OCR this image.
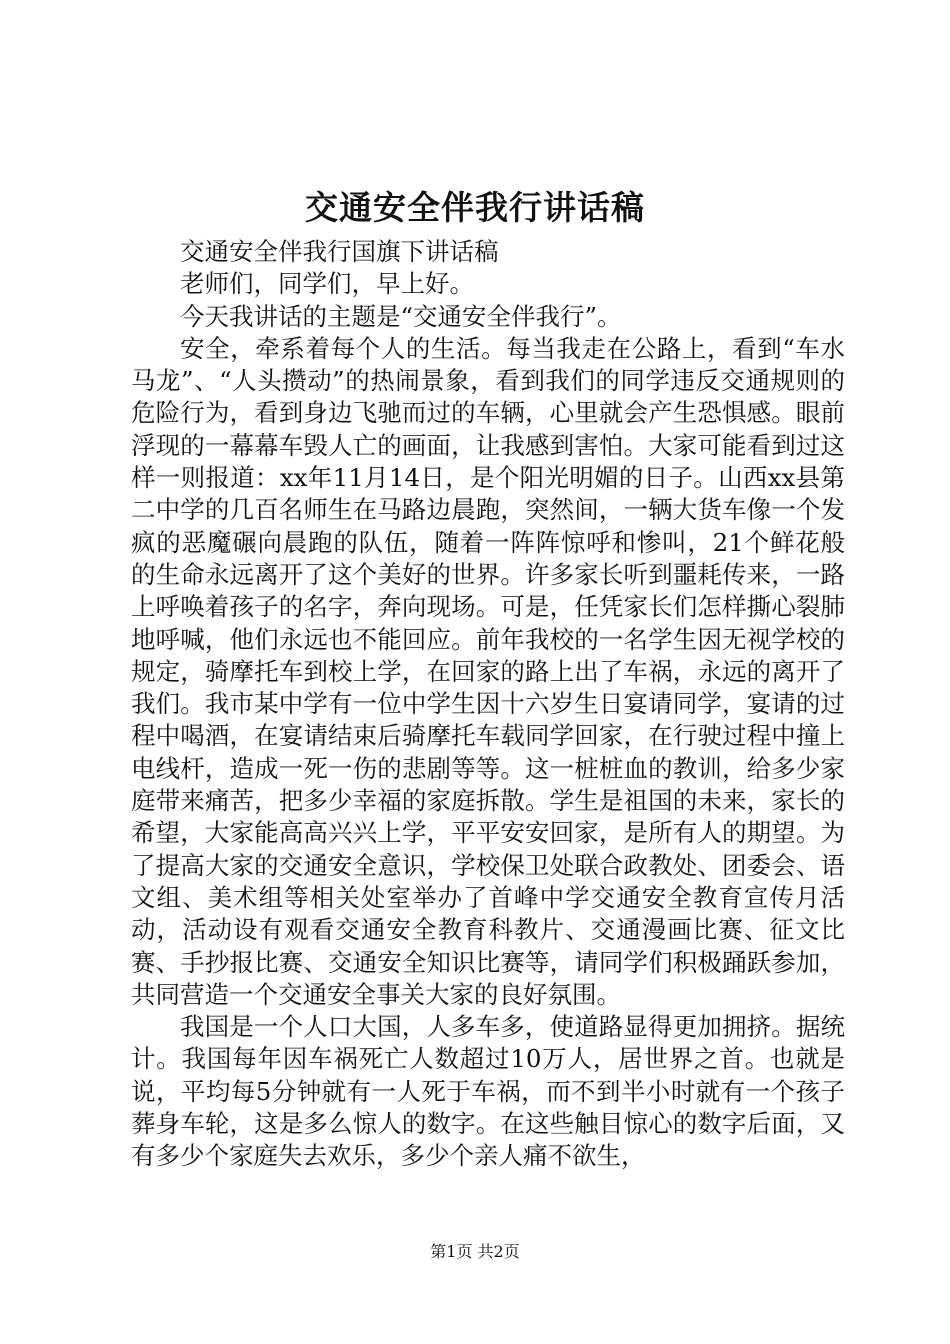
交通安全伴我行讲话稿

交通安全伴我行国旗下讲话稿

老师们，同学们，早上好。

今天我讲话的主题是“交通安全伴我行”。

安全，牵系着每个人的生活。每当我走在公路上，看到“车水马龙”、“人头攒动”的热闹景象，看到我们的同学违反交通规则的危险行为，看到身边飞驰而过的车辆，心里就会产生恐惧感。眼前浮现的一幕幕车毁人亡的画面，让我感到害怕。大家可能看到过这样一则报道：xx年11月14日，是个阳光明媚的日子。山西xx县第二中学的几百名师生在马路边晨跑，突然间，一辆大货车像一个发疯的恶魔碾向晨跑的队伍，随着一阵阵惊呼和惨叫，21个鲜花般的生命永远离开了这个美好的世界。许多家长听到噩耗传来，一路上呼唤着孩子的名字，奔向现场。可是，任凭家长们怎样撕心裂肺地呼喊，他们永远也不能回应。前年我校的一名学生因无视学校的规定，骑摩托车到校上学，在回家的路上出了车祸，永远的离开了我们。我市某中学有一位中学生因十六岁生日宴请同学，宴请的过程中喝酒，在宴请结束后骑摩托车载同学回家，在行驶过程中撞上电线杆，造成一死一伤的悲剧等等。这一桩桩血的教训，给多少家庭带来痛苦，把多少幸福的家庭拆散。学生是祖国的未来，家长的希望，大家能高高兴兴上学，平平安安回家，是所有人的期望。为了提高大家的交通安全意识，学校保卫处联合政教处、团委会、语文组、美术组等相关处室举办了首峰中学交通安全教育宣传月活动，活动设有观看交通安全教育科教片、交通漫画比赛、征文比赛、手抄报比赛、交通安全知识比赛等，请同学们积极踊跃参加，共同营造一个交通安全事关大家的良好氛围。

我国是一个人口大国，人多车多，使道路显得更加拥挤。据统计。我国每年因车祸死亡人数超过10万人，居世界之首。也就是说，平均每5分钟就有一人死于车祸，而不到半小时就有一个孩子葬身车轮，这是多么惊人的数字。在这些触目惊心的数字后面，又有多少个家庭失去欢乐，多少个亲人痛不欲生，

第1页 共2页
